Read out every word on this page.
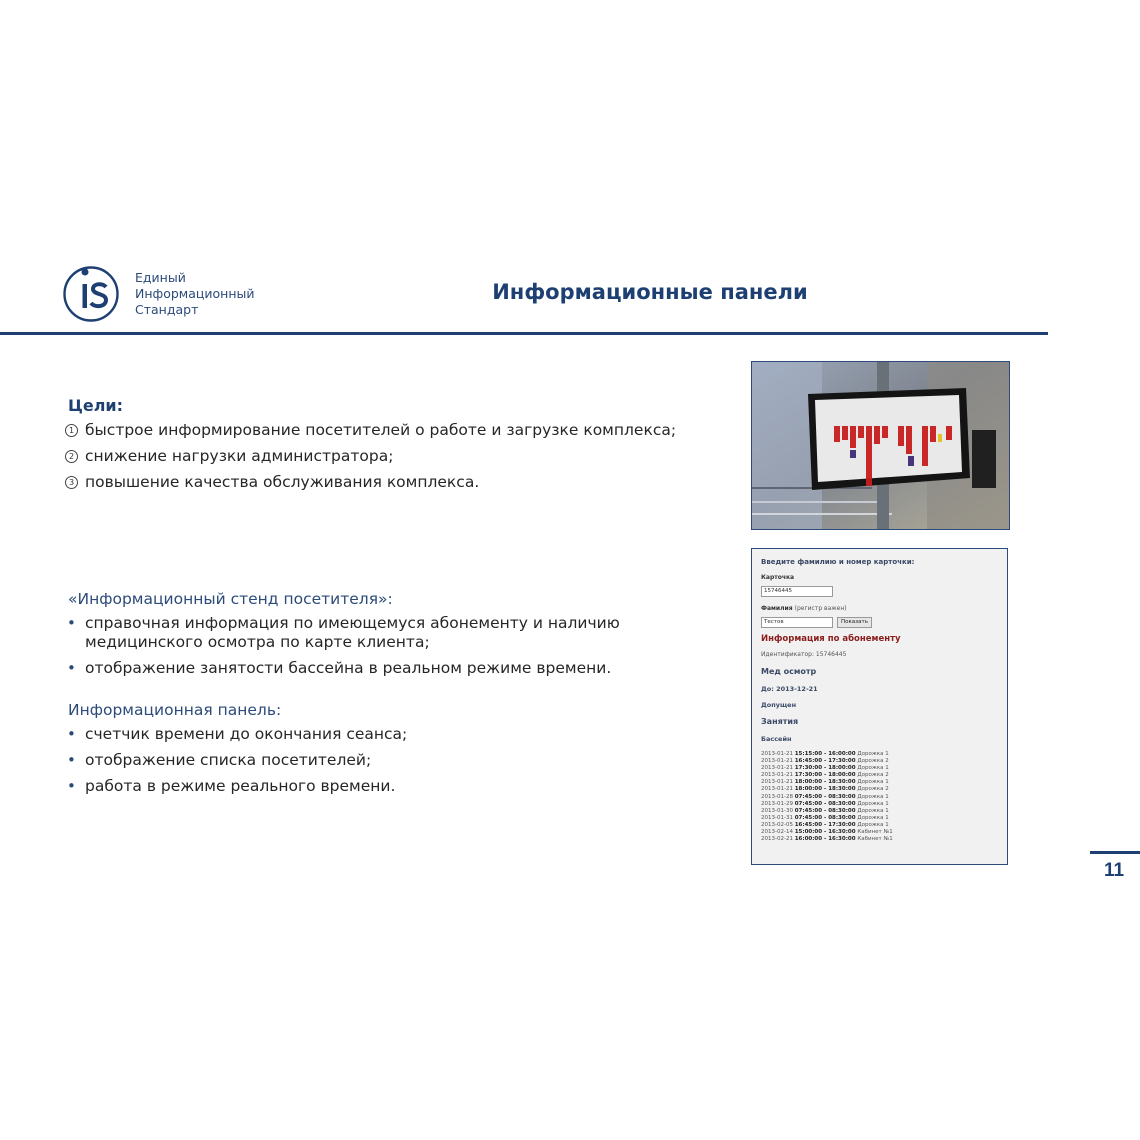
Единый
Информационный
Стандарт
Информационные панели
Цели:
1 быстрое информирование посетителей о работе и загрузке комплекса;
2 снижение нагрузки администратора;
3 повышение качества обслуживания комплекса.
«Информационный стенд посетителя»:
• справочная информация по имеющемуся абонементу и наличию медицинского осмотра по карте клиента;
• отображение занятости бассейна в реальном режиме времени.
Информационная панель:
• счетчик времени до окончания сеанса;
• отображение списка посетителей;
• работа в режиме реального времени.
Введите фамилию и номер карточки:
Карточка
15746445
Фамилия (регистр важен)
Тестов	Показать
Информация по абонементу
Идентификатор: 15746445
Мед осмотр
До: 2013-12-21
Допущен
Занятия
Бассейн
2013-01-21 15:15:00 - 16:00:00 Дорожка 1
2013-01-21 16:45:00 - 17:30:00 Дорожка 2
2013-01-21 17:30:00 - 18:00:00 Дорожка 1
2013-01-21 17:30:00 - 18:00:00 Дорожка 2
2013-01-21 18:00:00 - 18:30:00 Дорожка 1
2013-01-21 18:00:00 - 18:30:00 Дорожка 2
2013-01-28 07:45:00 - 08:30:00 Дорожка 1
2013-01-29 07:45:00 - 08:30:00 Дорожка 1
2013-01-30 07:45:00 - 08:30:00 Дорожка 1
2013-01-31 07:45:00 - 08:30:00 Дорожка 1
2013-02-05 16:45:00 - 17:30:00 Дорожка 1
2013-02-14 15:00:00 - 16:30:00 Кабинет №1
2013-02-21 16:00:00 - 16:30:00 Кабинет №1
11
